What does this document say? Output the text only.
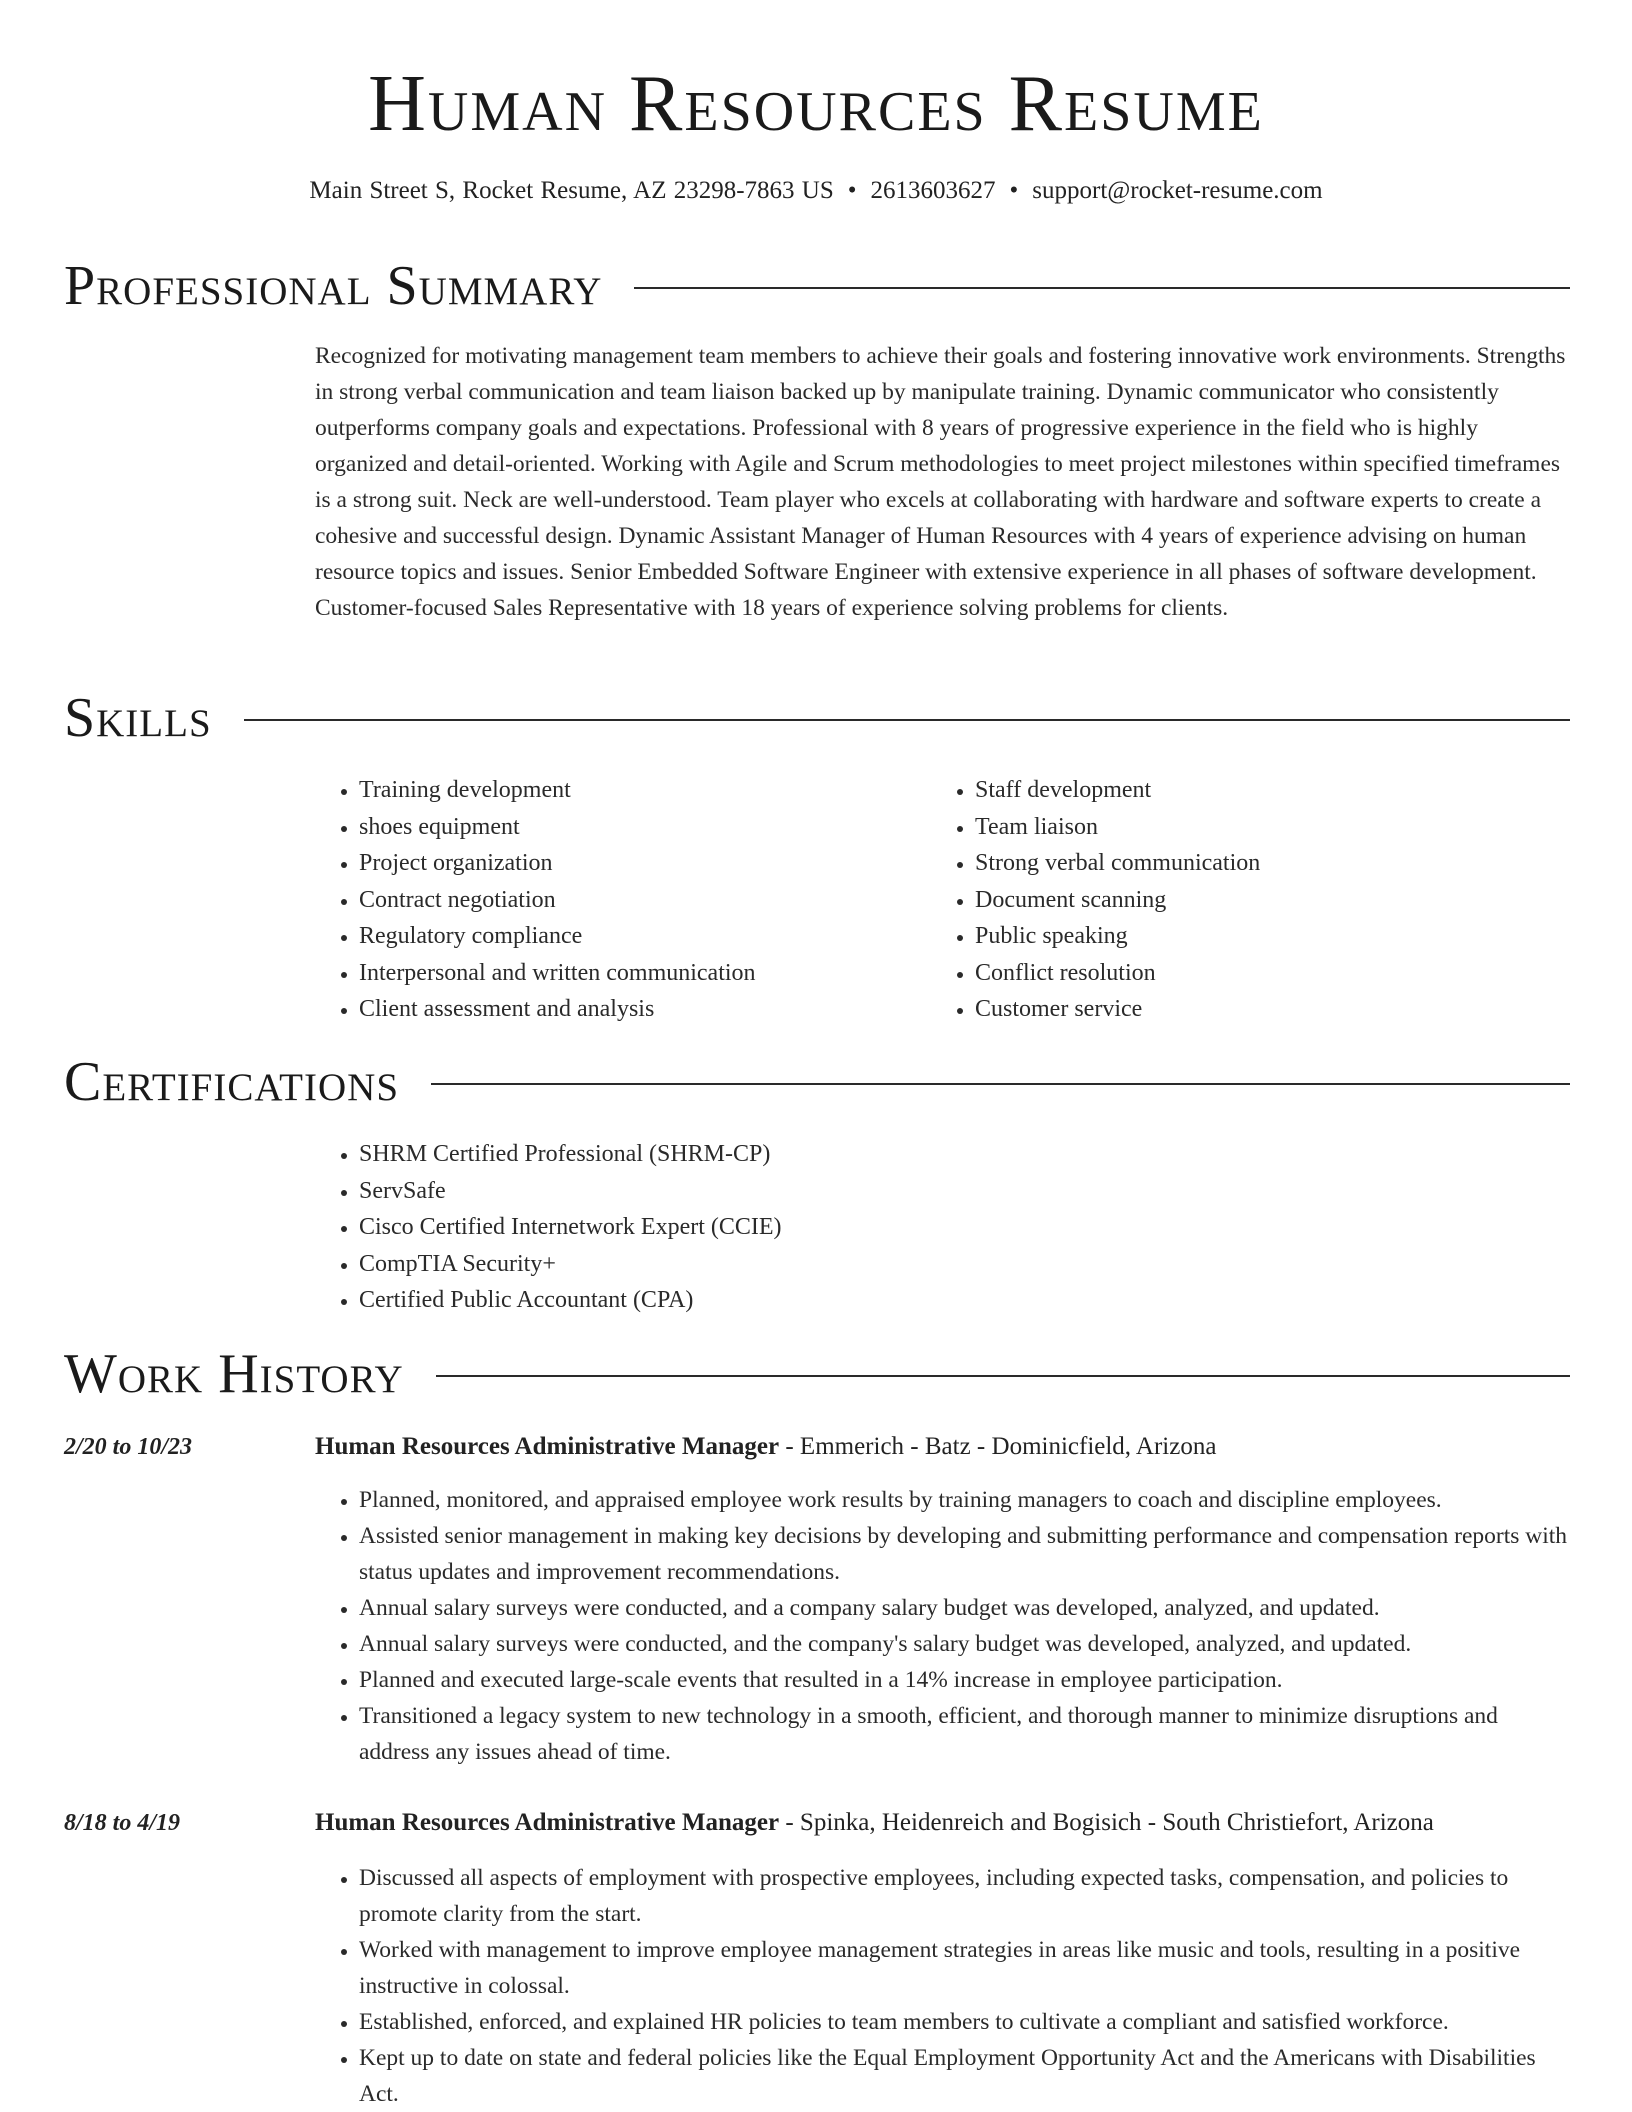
Human Resources Resume
Main Street S, Rocket Resume, AZ 23298-7863 US • 2613603627 • support@rocket-resume.com
Professional Summary

Recognized for motivating management team members to achieve their goals and fostering innovative work environments. Strengths in strong verbal communication and team liaison backed up by manipulate training. Dynamic communicator who consistently outperforms company goals and expectations. Professional with 8 years of progressive experience in the field who is highly organized and detail-oriented. Working with Agile and Scrum methodologies to meet project milestones within specified timeframes is a strong suit. Neck are well-understood. Team player who excels at collaborating with hardware and software experts to create a cohesive and successful design. Dynamic Assistant Manager of Human Resources with 4 years of experience advising on human resource topics and issues. Senior Embedded Software Engineer with extensive experience in all phases of software development. Customer-focused Sales Representative with 18 years of experience solving problems for clients.

Skills
• Training development
• shoes equipment
• Project organization
• Contract negotiation
• Regulatory compliance
• Interpersonal and written communication
• Client assessment and analysis
• Staff development
• Team liaison
• Strong verbal communication
• Document scanning
• Public speaking
• Conflict resolution
• Customer service
Certifications
• SHRM Certified Professional (SHRM-CP)
• ServSafe
• Cisco Certified Internetwork Expert (CCIE)
• CompTIA Security+
• Certified Public Accountant (CPA)
Work History
2/20 to 10/23	Human Resources Administrative Manager - Emmerich - Batz - Dominicfield, Arizona
• Planned, monitored, and appraised employee work results by training managers to coach and discipline employees.
• Assisted senior management in making key decisions by developing and submitting performance and compensation reports with status updates and improvement recommendations.
• Annual salary surveys were conducted, and a company salary budget was developed, analyzed, and updated.
• Annual salary surveys were conducted, and the company's salary budget was developed, analyzed, and updated.
• Planned and executed large-scale events that resulted in a 14% increase in employee participation.
• Transitioned a legacy system to new technology in a smooth, efficient, and thorough manner to minimize disruptions and address any issues ahead of time.
8/18 to 4/19	Human Resources Administrative Manager - Spinka, Heidenreich and Bogisich - South Christiefort, Arizona
• Discussed all aspects of employment with prospective employees, including expected tasks, compensation, and policies to promote clarity from the start.
• Worked with management to improve employee management strategies in areas like music and tools, resulting in a positive instructive in colossal.
• Established, enforced, and explained HR policies to team members to cultivate a compliant and satisfied workforce.
• Kept up to date on state and federal policies like the Equal Employment Opportunity Act and the Americans with Disabilities Act.
